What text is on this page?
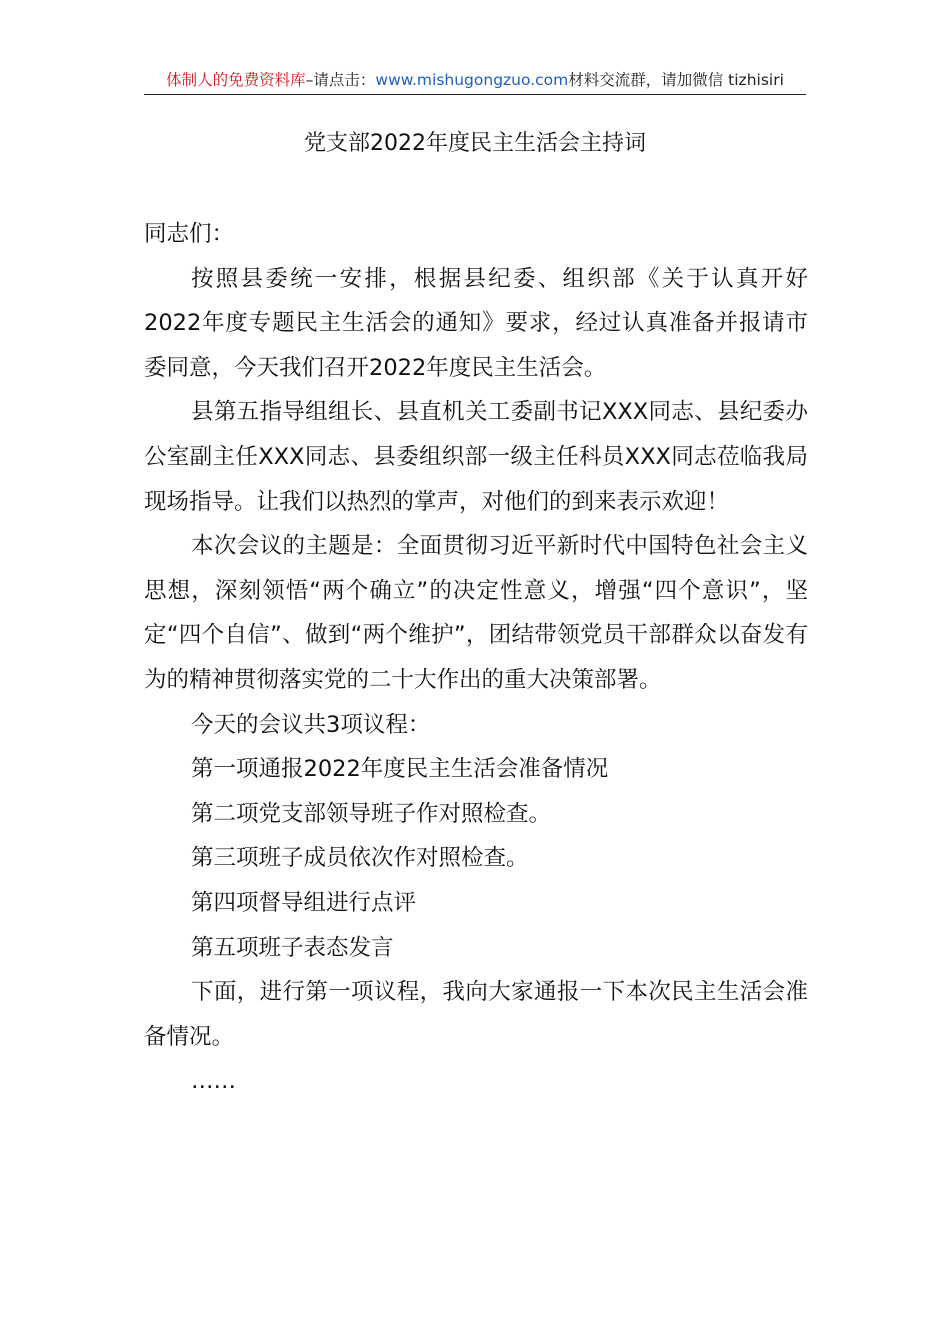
体制人的免费资料库–请点击：www.mishugongzuo.com材料交流群，请加微信 tizhisiri
党支部2022年度民主生活会主持词

同志们：

按照县委统一安排，根据县纪委、组织部《关于认真开好2022年度专题民主生活会的通知》要求，经过认真准备并报请市委同意，今天我们召开2022年度民主生活会。

县第五指导组组长、县直机关工委副书记XXX同志、县纪委办公室副主任XXX同志、县委组织部一级主任科员XXX同志莅临我局现场指导。让我们以热烈的掌声，对他们的到来表示欢迎！

本次会议的主题是：全面贯彻习近平新时代中国特色社会主义思想，深刻领悟“两个确立”的决定性意义，增强“四个意识”，坚定“四个自信”、做到“两个维护”，团结带领党员干部群众以奋发有为的精神贯彻落实党的二十大作出的重大决策部署。

今天的会议共3项议程：

第一项通报2022年度民主生活会准备情况

第二项党支部领导班子作对照检查。

第三项班子成员依次作对照检查。

第四项督导组进行点评

第五项班子表态发言

下面，进行第一项议程，我向大家通报一下本次民主生活会准备情况。

……
